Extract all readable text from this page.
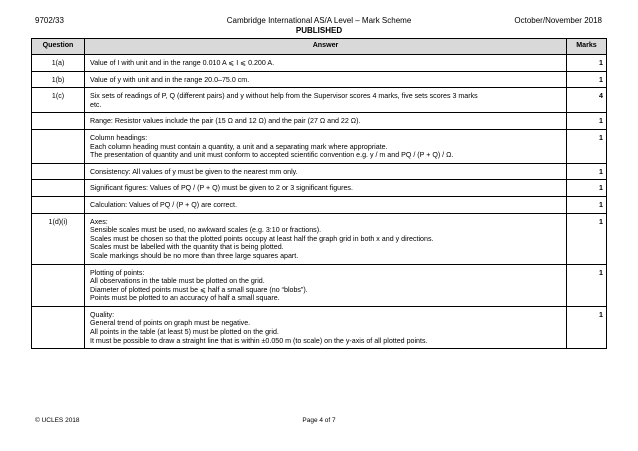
9702/33	Cambridge International AS/A Level – Mark Scheme
PUBLISHED
October/November 2018
Question	Answer	Marks
1(a)	Value of I with unit and in the range 0.010 A ⩽ I ⩽ 0.200 A.	1
1(b)	Value of y with unit and in the range 20.0–75.0 cm.	1
1(c)	Six sets of readings of P, Q (different pairs) and y without help from the Supervisor scores 4 marks, five sets scores 3 marks
etc.	4

	Range: Resistor values include the pair (15 Ω and 12 Ω) and the pair (27 Ω and 22 Ω).	1

	Column headings:
Each column heading must contain a quantity, a unit and a separating mark where appropriate.
The presentation of quantity and unit must conform to accepted scientific convention e.g. y / m and PQ / (P + Q) / Ω.	1

	Consistency: All values of y must be given to the nearest mm only.	1

	Significant figures: Values of PQ / (P + Q) must be given to 2 or 3 significant figures.	1

	Calculation: Values of PQ / (P + Q) are correct.	1
1(d)(i)	Axes:
Sensible scales must be used, no awkward scales (e.g. 3:10 or fractions).
Scales must be chosen so that the plotted points occupy at least half the graph grid in both x and y directions.
Scales must be labelled with the quantity that is being plotted.
Scale markings should be no more than three large squares apart.	1

	Plotting of points:
All observations in the table must be plotted on the grid.
Diameter of plotted points must be ⩽ half a small square (no “blobs”).
Points must be plotted to an accuracy of half a small square.	1

	Quality:
General trend of points on graph must be negative.
All points in the table (at least 5) must be plotted on the grid.
It must be possible to draw a straight line that is within ±0.050 m (to scale) on the y-axis of all plotted points.	1
© UCLES 2018	Page 4 of 7
